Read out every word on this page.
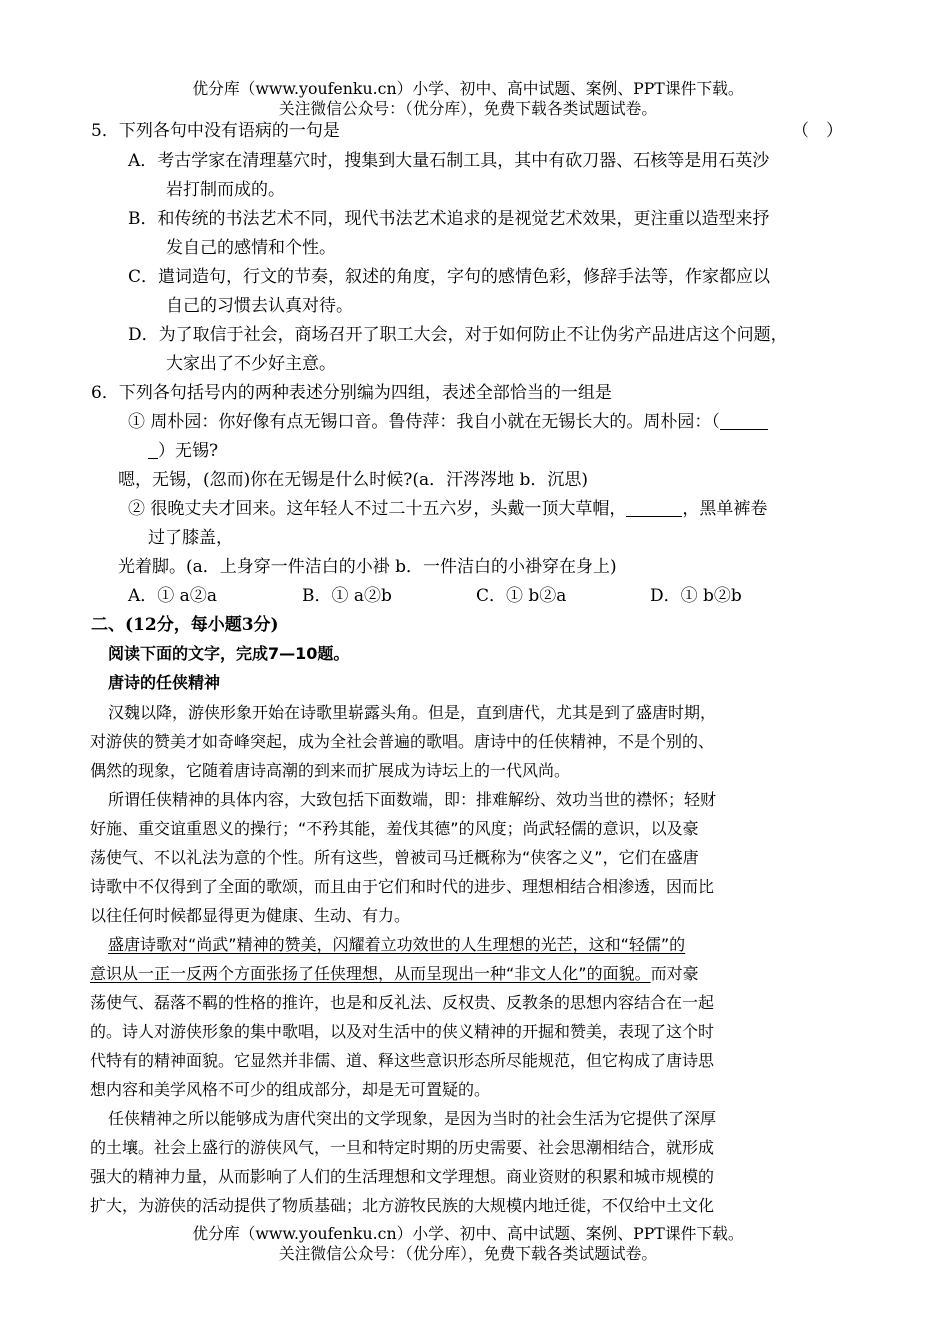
优分库（www.youfenku.cn）小学、初中、高中试题、案例、PPT课件下载。
关注微信公众号：（优分库），免费下载各类试题试卷。
5．下列各句中没有语病的一句是	（　）
A．考古学家在清理墓穴时，搜集到大量石制工具，其中有砍刀器、石核等是用石英沙
岩打制而成的。
B．和传统的书法艺术不同，现代书法艺术追求的是视觉艺术效果，更注重以造型来抒
发自己的感情和个性。
C．遣词造句，行文的节奏，叙述的角度，字句的感情色彩，修辞手法等，作家都应以
自己的习惯去认真对待。
D．为了取信于社会，商场召开了职工大会，对于如何防止不让伪劣产品进店这个问题，
大家出了不少好主意。
6．下列各句括号内的两种表述分别编为四组，表述全部恰当的一组是
① 周朴园：你好像有点无锡口音。鲁侍萍：我自小就在无锡长大的。周朴园：（
）无锡?
嗯，无锡，(忽而)你在无锡是什么时候?(a．汗涔涔地 b．沉思)
② 很晚丈夫才回来。这年轻人不过二十五六岁，头戴一顶大草帽，	，黑单裤卷
过了膝盖，
光着脚。(a．上身穿一件洁白的小褂 b．一件洁白的小褂穿在身上)
A．① a②a	B．① a②b	C．① b②a	D．① b②b
二、(12分，每小题3分)
阅读下面的文字，完成7—10题。
唐诗的任侠精神
汉魏以降，游侠形象开始在诗歌里崭露头角。但是，直到唐代，尤其是到了盛唐时期，
对游侠的赞美才如奇峰突起，成为全社会普遍的歌唱。唐诗中的任侠精神，不是个别的、
偶然的现象，它随着唐诗高潮的到来而扩展成为诗坛上的一代风尚。
所谓任侠精神的具体内容，大致包括下面数端，即：排难解纷、效功当世的襟怀；轻财
好施、重交谊重恩义的操行；“不矜其能，羞伐其德”的风度；尚武轻儒的意识，以及豪
荡使气、不以礼法为意的个性。所有这些，曾被司马迁概称为“侠客之义”，它们在盛唐
诗歌中不仅得到了全面的歌颂，而且由于它们和时代的进步、理想相结合相渗透，因而比
以往任何时候都显得更为健康、生动、有力。
盛唐诗歌对“尚武”精神的赞美，闪耀着立功效世的人生理想的光芒，这和“轻儒”的
意识从一正一反两个方面张扬了任侠理想，从而呈现出一种“非文人化”的面貌。而对豪
荡使气、磊落不羁的性格的推许，也是和反礼法、反权贵、反教条的思想内容结合在一起
的。诗人对游侠形象的集中歌唱，以及对生活中的侠义精神的开掘和赞美，表现了这个时
代特有的精神面貌。它显然并非儒、道、释这些意识形态所尽能规范，但它构成了唐诗思
想内容和美学风格不可少的组成部分，却是无可置疑的。
任侠精神之所以能够成为唐代突出的文学现象，是因为当时的社会生活为它提供了深厚
的土壤。社会上盛行的游侠风气，一旦和特定时期的历史需要、社会思潮相结合，就形成
强大的精神力量，从而影响了人们的生活理想和文学理想。商业资财的积累和城市规模的
扩大，为游侠的活动提供了物质基础；北方游牧民族的大规模内地迁徙，不仅给中土文化
优分库（www.youfenku.cn）小学、初中、高中试题、案例、PPT课件下载。
关注微信公众号：（优分库），免费下载各类试题试卷。
